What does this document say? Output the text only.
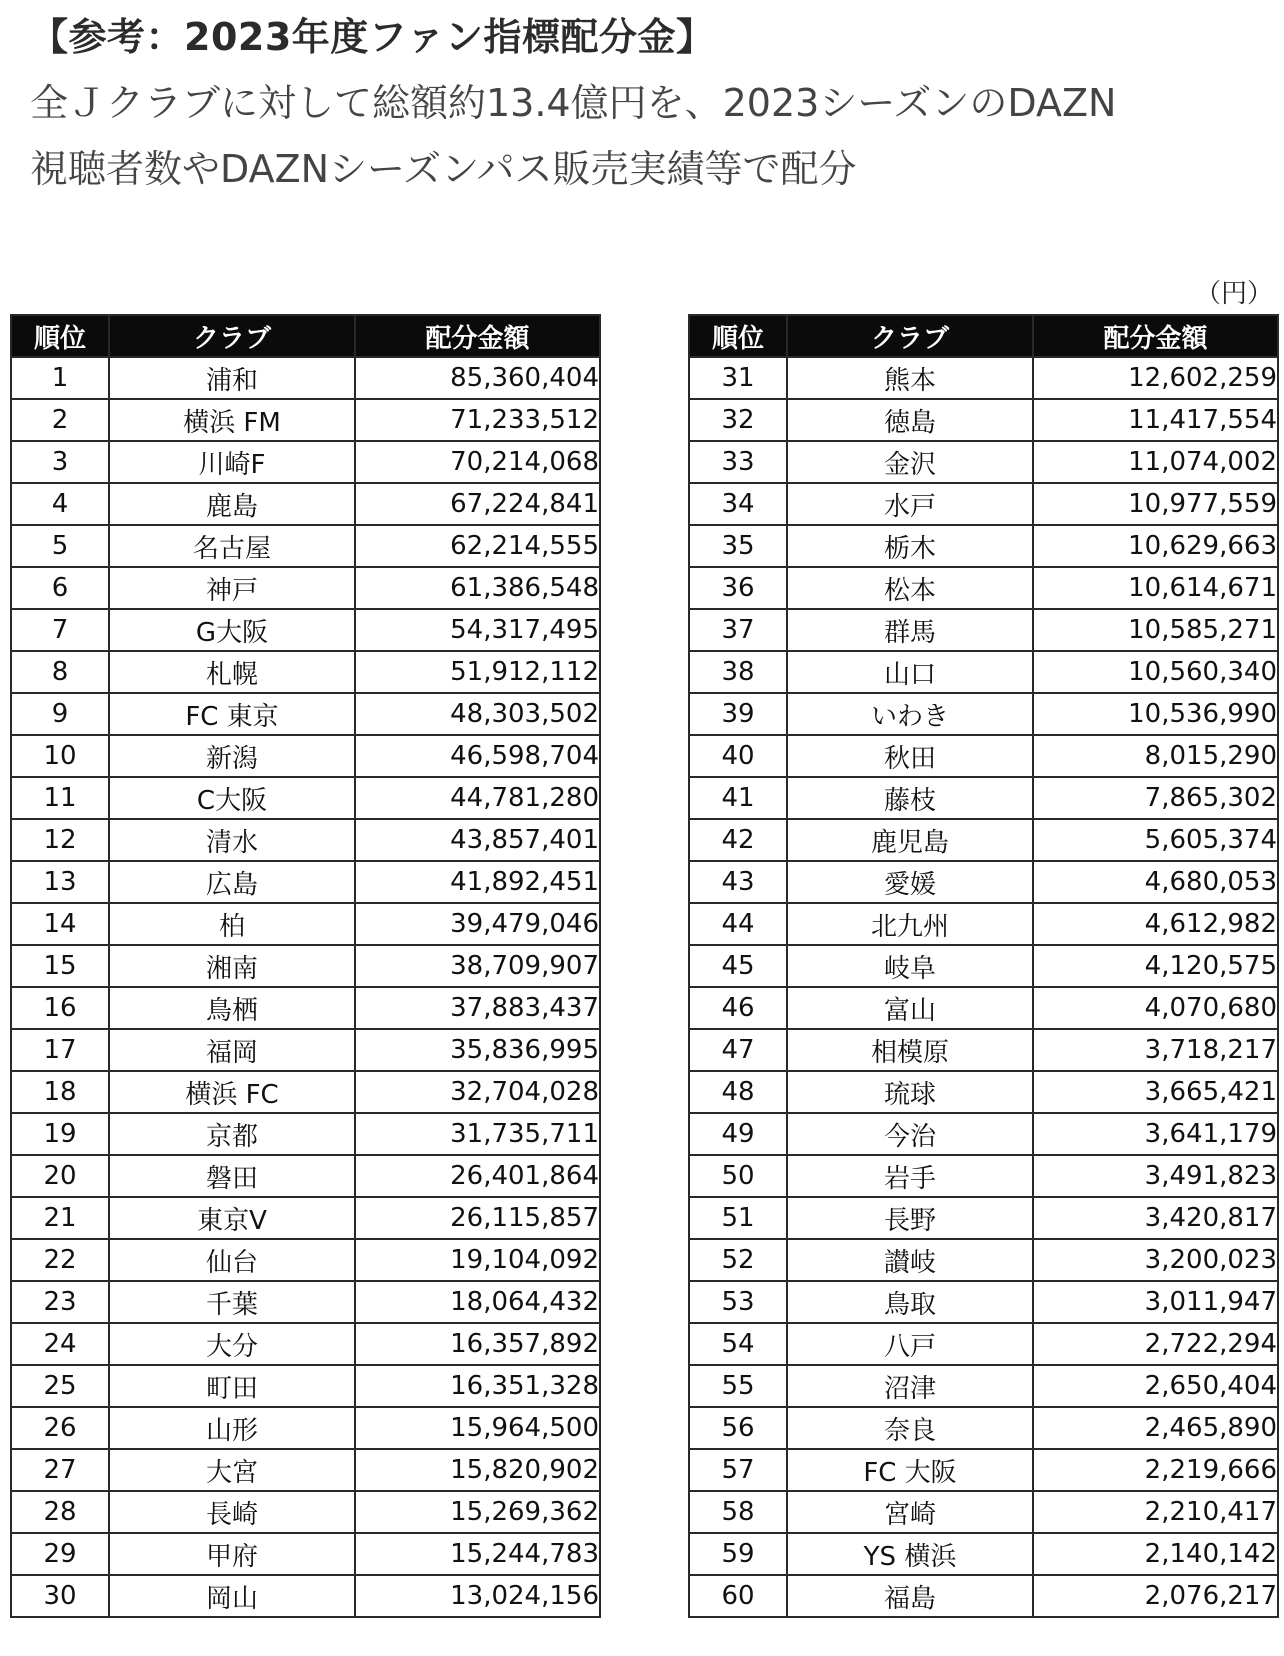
【参考：2023年度ファン指標配分金】
全Ｊクラブに対して総額約13.4億円を、2023シーズンのDAZN
視聴者数やDAZNシーズンパス販売実績等で配分
（円）
順位	クラブ	配分金額
1	浦和	85,360,404
2	横浜 FM	71,233,512
3	川崎F	70,214,068
4	鹿島	67,224,841
5	名古屋	62,214,555
6	神戸	61,386,548
7	G大阪	54,317,495
8	札幌	51,912,112
9	FC 東京	48,303,502
10	新潟	46,598,704
11	C大阪	44,781,280
12	清水	43,857,401
13	広島	41,892,451
14	柏	39,479,046
15	湘南	38,709,907
16	鳥栖	37,883,437
17	福岡	35,836,995
18	横浜 FC	32,704,028
19	京都	31,735,711
20	磐田	26,401,864
21	東京V	26,115,857
22	仙台	19,104,092
23	千葉	18,064,432
24	大分	16,357,892
25	町田	16,351,328
26	山形	15,964,500
27	大宮	15,820,902
28	長崎	15,269,362
29	甲府	15,244,783
30	岡山	13,024,156
順位	クラブ	配分金額
31	熊本	12,602,259
32	徳島	11,417,554
33	金沢	11,074,002
34	水戸	10,977,559
35	栃木	10,629,663
36	松本	10,614,671
37	群馬	10,585,271
38	山口	10,560,340
39	いわき	10,536,990
40	秋田	8,015,290
41	藤枝	7,865,302
42	鹿児島	5,605,374
43	愛媛	4,680,053
44	北九州	4,612,982
45	岐阜	4,120,575
46	富山	4,070,680
47	相模原	3,718,217
48	琉球	3,665,421
49	今治	3,641,179
50	岩手	3,491,823
51	長野	3,420,817
52	讃岐	3,200,023
53	鳥取	3,011,947
54	八戸	2,722,294
55	沼津	2,650,404
56	奈良	2,465,890
57	FC 大阪	2,219,666
58	宮崎	2,210,417
59	YS 横浜	2,140,142
60	福島	2,076,217
